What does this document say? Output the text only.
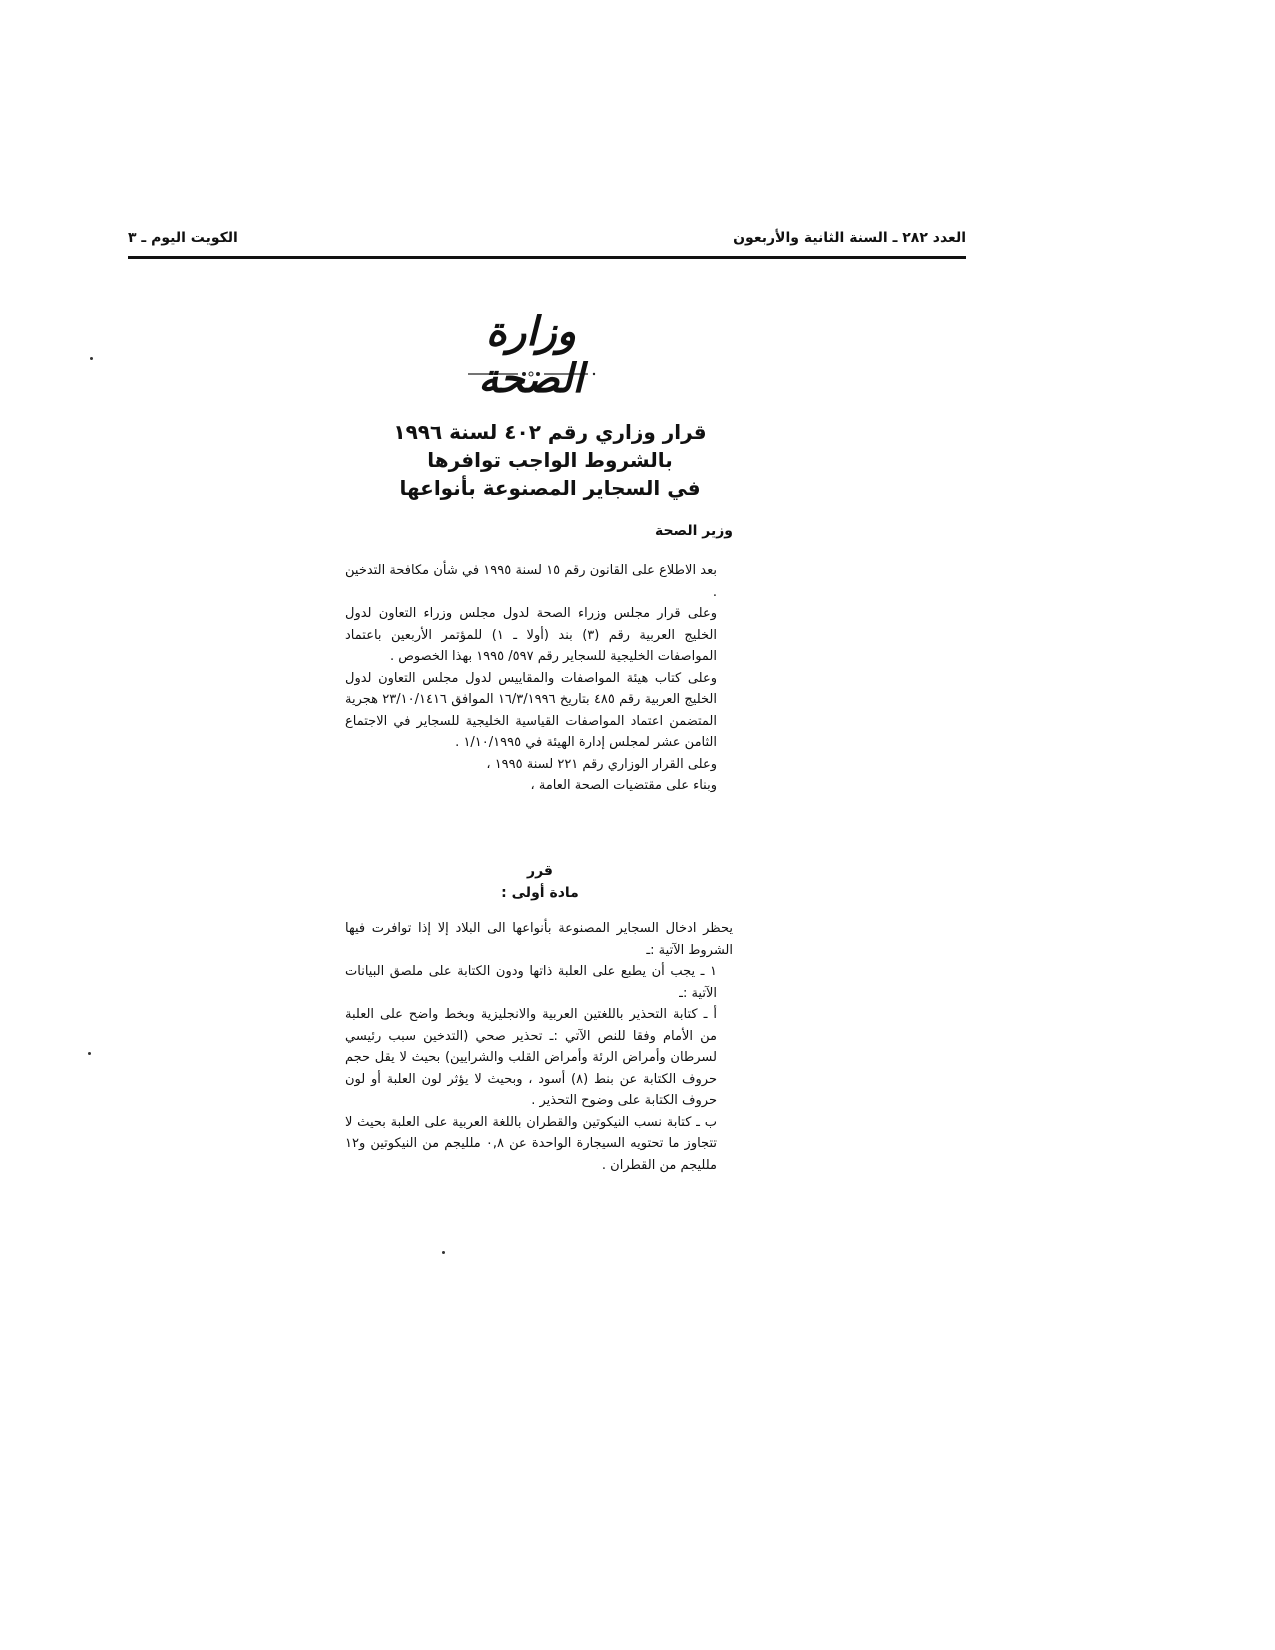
العدد ٢٨٢ ـ السنة الثانية والأربعون
الكويت اليوم ـ ٣
وزارة الصحة
قرار وزاري رقم ٤٠٢ لسنة ١٩٩٦
بالشروط الواجب توافرها
في السجاير المصنوعة بأنواعها
وزير الصحة

بعد الاطلاع على القانون رقم ١٥ لسنة ١٩٩٥ في شأن مكافحة التدخين .

وعلى قرار مجلس وزراء الصحة لدول مجلس وزراء التعاون لدول الخليج العربية رقم (٣) بند (أولا ـ ١) للمؤتمر الأربعين باعتماد المواصفات الخليجية للسجاير رقم ٥٩٧/ ١٩٩٥ بهذا الخصوص .

وعلى كتاب هيئة المواصفات والمقاييس لدول مجلس التعاون لدول الخليج العربية رقم ٤٨٥ بتاريخ ١٦/٣/١٩٩٦ الموافق ٢٣/١٠/١٤١٦ هجرية المتضمن اعتماد المواصفات القياسية الخليجية للسجاير في الاجتماع الثامن عشر لمجلس إدارة الهيئة في ١/١٠/١٩٩٥ .

وعلى القرار الوزاري رقم ٢٢١ لسنة ١٩٩٥ ،

وبناء على مقتضيات الصحة العامة ،

قرر
مادة أولى :

يحظر ادخال السجاير المصنوعة بأنواعها الى البلاد إلا إذا توافرت فيها الشروط الآتية :ـ

١ ـ يجب أن يطبع على العلبة ذاتها ودون الكتابة على ملصق البيانات الآتية :ـ

أ ـ كتابة التحذير باللغتين العربية والانجليزية وبخط واضح على العلبة من الأمام وفقا للنص الآتي :ـ تحذير صحي (التدخين سبب رئيسي لسرطان وأمراض الرئة وأمراض القلب والشرايين) بحيث لا يقل حجم حروف الكتابة عن بنط (٨) أسود ، وبحيث لا يؤثر لون العلبة أو لون حروف الكتابة على وضوح التحذير .

ب ـ كتابة نسب النيكوتين والقطران باللغة العربية على العلبة بحيث لا تتجاوز ما تحتويه السيجارة الواحدة عن ٠,٨ ملليجم من النيكوتين و١٢ ملليجم من القطران .
